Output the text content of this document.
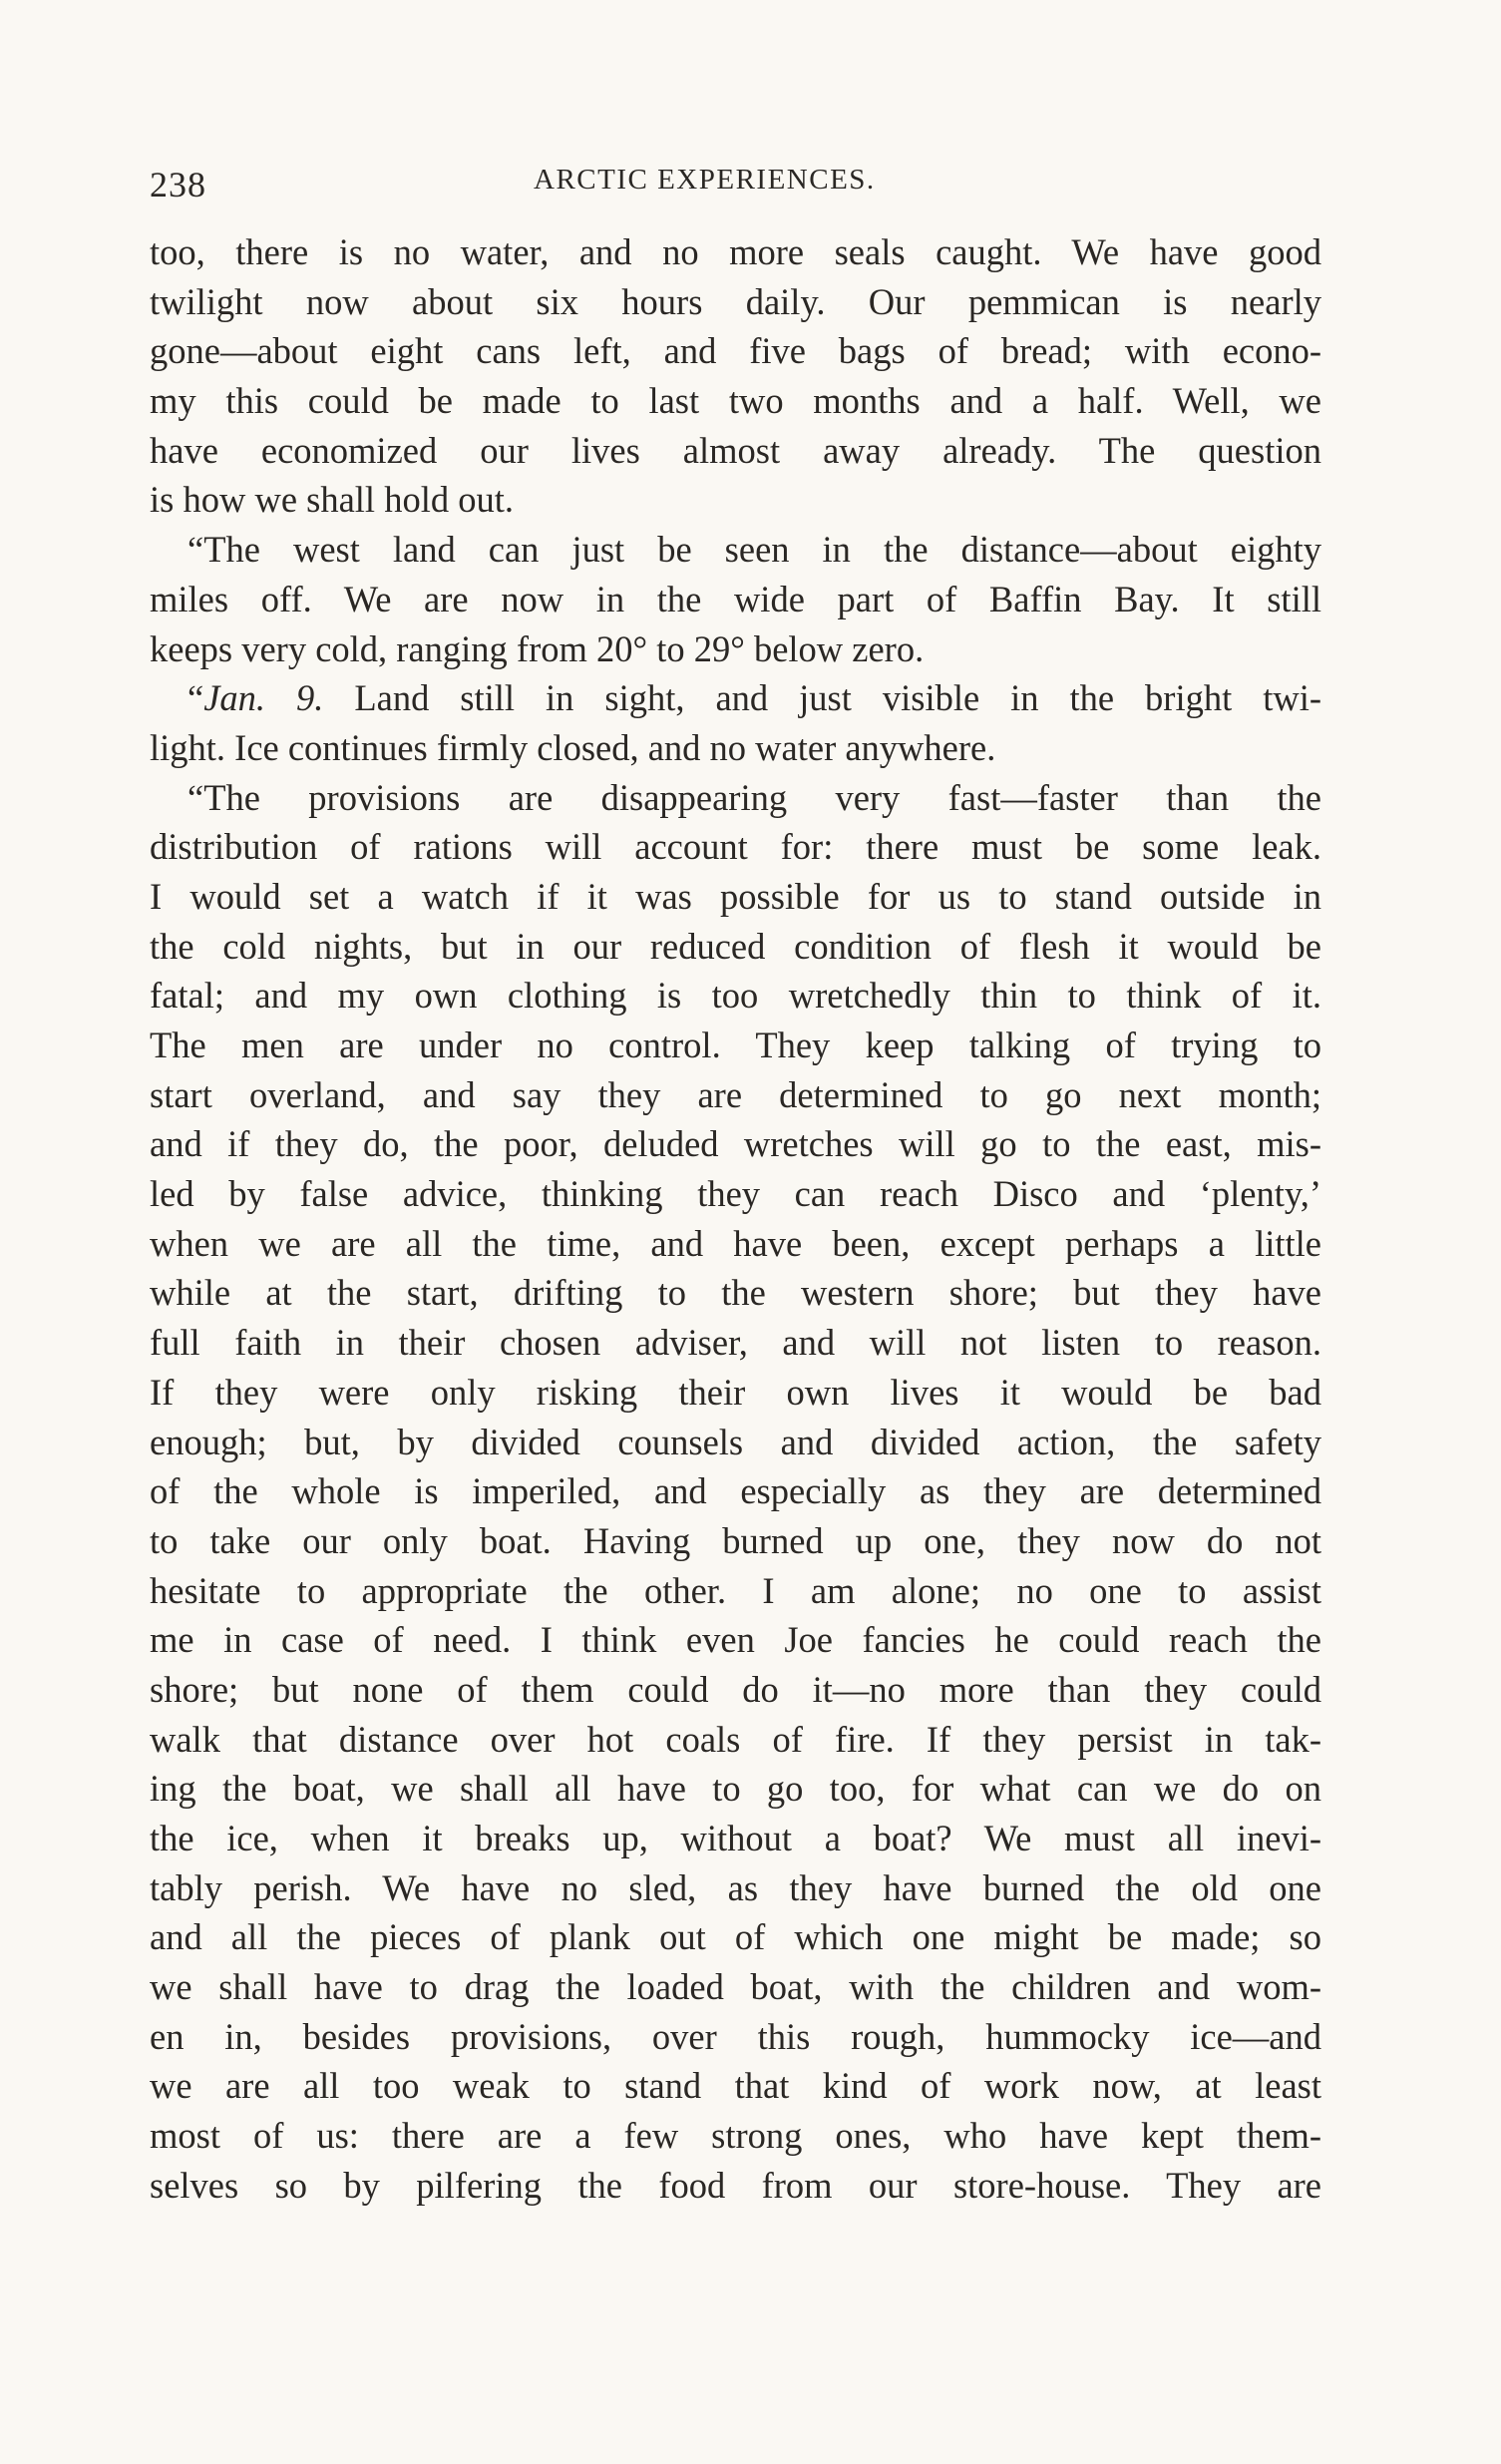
238	ARCTIC EXPERIENCES.
too, there is no water, and no more seals caught. We have good
twilight now about six hours daily. Our pemmican is nearly
gone—about eight cans left, and five bags of bread; with econo-
my this could be made to last two months and a half. Well, we
have economized our lives almost away already. The question
is how we shall hold out.
“The west land can just be seen in the distance—about eighty
miles off. We are now in the wide part of Baffin Bay. It still
keeps very cold, ranging from 20° to 29° below zero.
“Jan. 9. Land still in sight, and just visible in the bright twi-
light. Ice continues firmly closed, and no water anywhere.
“The provisions are disappearing very fast—faster than the
distribution of rations will account for: there must be some leak.
I would set a watch if it was possible for us to stand outside in
the cold nights, but in our reduced condition of flesh it would be
fatal; and my own clothing is too wretchedly thin to think of it.
The men are under no control. They keep talking of trying to
start overland, and say they are determined to go next month;
and if they do, the poor, deluded wretches will go to the east, mis-
led by false advice, thinking they can reach Disco and ‘plenty,’
when we are all the time, and have been, except perhaps a little
while at the start, drifting to the western shore; but they have
full faith in their chosen adviser, and will not listen to reason.
If they were only risking their own lives it would be bad
enough; but, by divided counsels and divided action, the safety
of the whole is imperiled, and especially as they are determined
to take our only boat. Having burned up one, they now do not
hesitate to appropriate the other. I am alone; no one to assist
me in case of need. I think even Joe fancies he could reach the
shore; but none of them could do it—no more than they could
walk that distance over hot coals of fire. If they persist in tak-
ing the boat, we shall all have to go too, for what can we do on
the ice, when it breaks up, without a boat? We must all inevi-
tably perish. We have no sled, as they have burned the old one
and all the pieces of plank out of which one might be made; so
we shall have to drag the loaded boat, with the children and wom-
en in, besides provisions, over this rough, hummocky ice—and
we are all too weak to stand that kind of work now, at least
most of us: there are a few strong ones, who have kept them-
selves so by pilfering the food from our store-house. They are
